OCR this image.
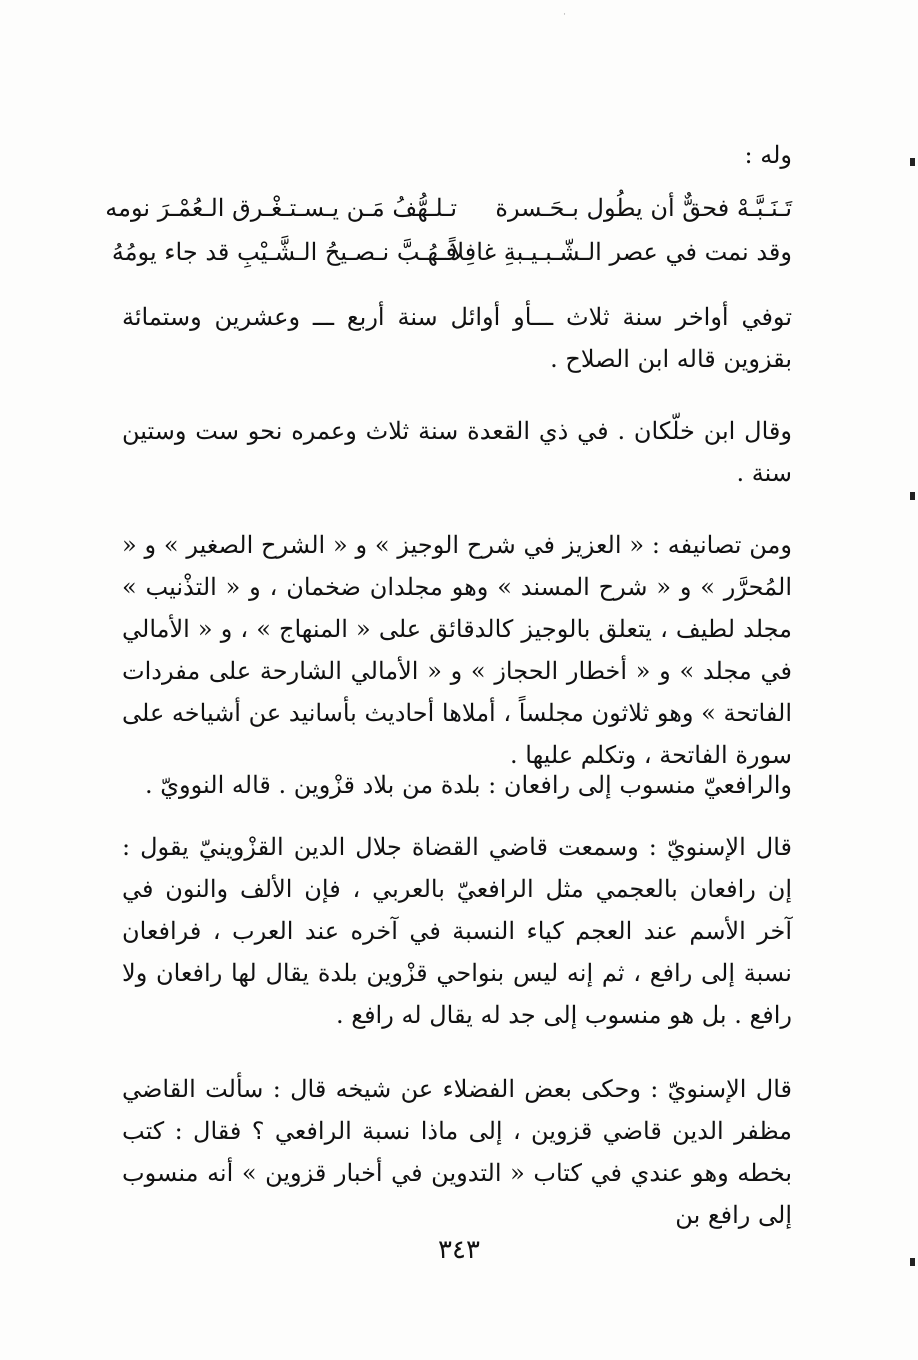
˙
وله :
تَـنَـبَّـهْ فحقٌّ أن يطُول بـحَـسرة
تـلـهُّفُ مَـن يـسـتـغْـرق الـعُمْـرَ نومه
وقد نمت في عصر الـشّـبـيـبةِ غافِلاً
فـهُـبَّ نـصـيحُ الـشَّـيْبِ قد جاء يومُهُ

توفي أواخر سنة ثلاث ـــأو أوائل سنة أربع ـــ وعشرين وستمائة بقزوين قاله ابن الصلاح .

وقال ابن خلّكان . في ذي القعدة سنة ثلاث وعمره نحو ست وستين سنة .

ومن تصانيفه : « العزيز في شرح الوجيز » و « الشرح الصغير » و « المُحرَّر » و « شرح المسند » وهو مجلدان ضخمان ، و « التذْنيب » مجلد لطيف ، يتعلق بالوجيز كالدقائق على « المنهاج » ، و « الأمالي في مجلد » و « أخطار الحجاز » و « الأمالي الشارحة على مفردات الفاتحة » وهو ثلاثون مجلساً ، أملاها أحاديث بأسانيد عن أشياخه على سورة الفاتحة ، وتكلم عليها .

والرافعيّ منسوب إلى رافعان : بلدة من بلاد قزْوين . قاله النوويّ .

قال الإسنويّ : وسمعت قاضي القضاة جلال الدين القزْوينيّ يقول : إن رافعان بالعجمي مثل الرافعيّ بالعربي ، فإن الألف والنون في آخر الأسم عند العجم كياء النسبة في آخره عند العرب ، فرافعان نسبة إلى رافع ، ثم إنه ليس بنواحي قزْوين بلدة يقال لها رافعان ولا رافع . بل هو منسوب إلى جد له يقال له رافع .

قال الإسنويّ : وحكى بعض الفضلاء عن شيخه قال : سألت القاضي مظفر الدين قاضي قزوين ، إلى ماذا نسبة الرافعي ؟ فقال : كتب بخطه وهو عندي في كتاب « التدوين في أخبار قزوين » أنه منسوب إلى رافع بن

٣٤٣
